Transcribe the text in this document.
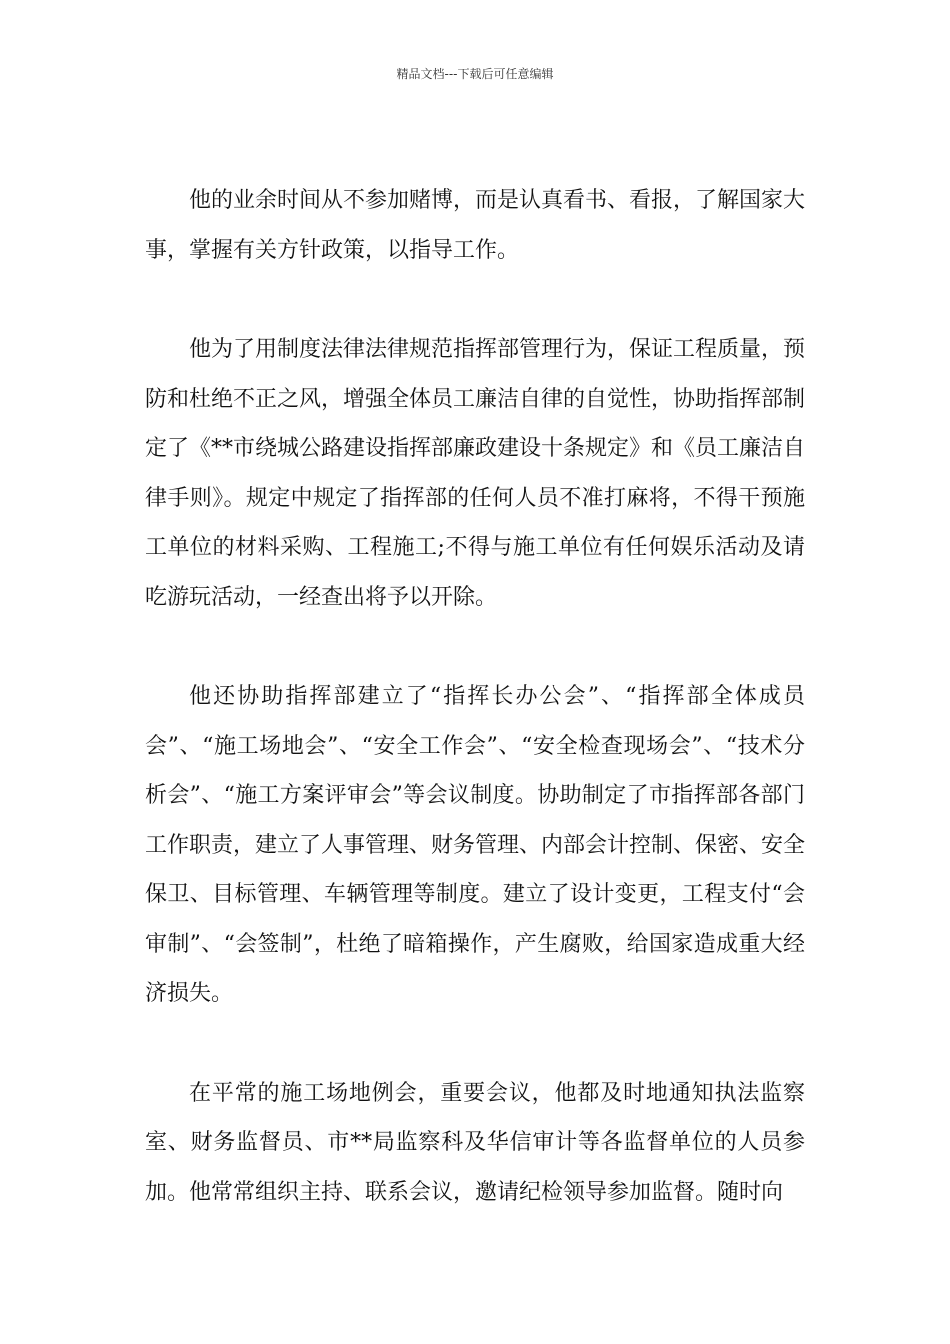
精品文档---下载后可任意编辑

他的业余时间从不参加赌博，而是认真看书、看报，了解国家大事，掌握有关方针政策，以指导工作。

他为了用制度法律法律规范指挥部管理行为，保证工程质量，预防和杜绝不正之风，增强全体员工廉洁自律的自觉性，协助指挥部制定了《**市绕城公路建设指挥部廉政建设十条规定》和《员工廉洁自律手则》。规定中规定了指挥部的任何人员不准打麻将，不得干预施工单位的材料采购、工程施工;不得与施工单位有任何娱乐活动及请吃游玩活动，一经查出将予以开除。

他还协助指挥部建立了“指挥长办公会”、“指挥部全体成员会”、“施工场地会”、“安全工作会”、“安全检查现场会”、“技术分析会”、“施工方案评审会”等会议制度。协助制定了市指挥部各部门工作职责，建立了人事管理、财务管理、内部会计控制、保密、安全保卫、目标管理、车辆管理等制度。建立了设计变更，工程支付“会审制”、“会签制”，杜绝了暗箱操作，产生腐败，给国家造成重大经济损失。

在平常的施工场地例会，重要会议，他都及时地通知执法监察室、财务监督员、市**局监察科及华信审计等各监督单位的人员参加。他常常组织主持、联系会议，邀请纪检领导参加监督。随时向
